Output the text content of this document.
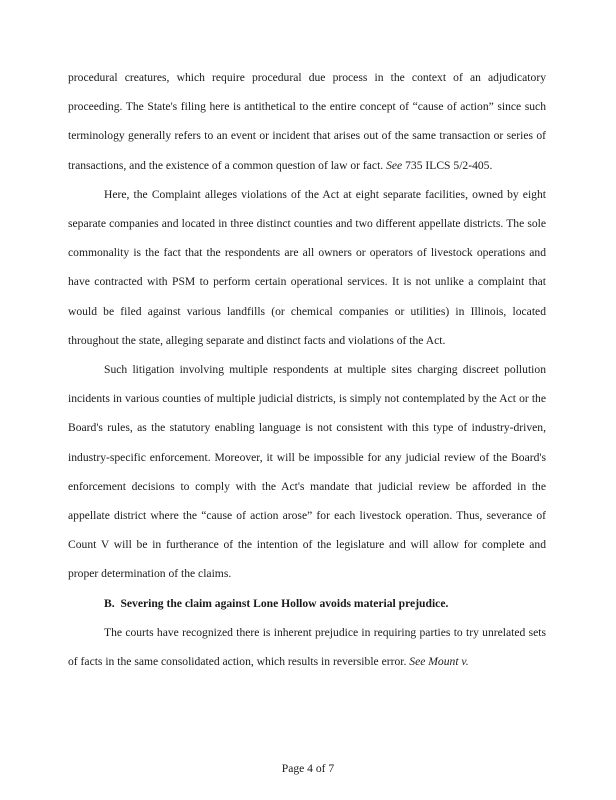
procedural creatures, which require procedural due process in the context of an adjudicatory proceeding. The State's filing here is antithetical to the entire concept of “cause of action” since such terminology generally refers to an event or incident that arises out of the same transaction or series of transactions, and the existence of a common question of law or fact. See 735 ILCS 5/2-405.

Here, the Complaint alleges violations of the Act at eight separate facilities, owned by eight separate companies and located in three distinct counties and two different appellate districts. The sole commonality is the fact that the respondents are all owners or operators of livestock operations and have contracted with PSM to perform certain operational services. It is not unlike a complaint that would be filed against various landfills (or chemical companies or utilities) in Illinois, located throughout the state, alleging separate and distinct facts and violations of the Act.

Such litigation involving multiple respondents at multiple sites charging discreet pollution incidents in various counties of multiple judicial districts, is simply not contemplated by the Act or the Board's rules, as the statutory enabling language is not consistent with this type of industry-driven, industry-specific enforcement. Moreover, it will be impossible for any judicial review of the Board's enforcement decisions to comply with the Act's mandate that judicial review be afforded in the appellate district where the “cause of action arose” for each livestock operation. Thus, severance of Count V will be in furtherance of the intention of the legislature and will allow for complete and proper determination of the claims.

B. Severing the claim against Lone Hollow avoids material prejudice.

The courts have recognized there is inherent prejudice in requiring parties to try unrelated sets of facts in the same consolidated action, which results in reversible error. See Mount v.

Page 4 of 7
